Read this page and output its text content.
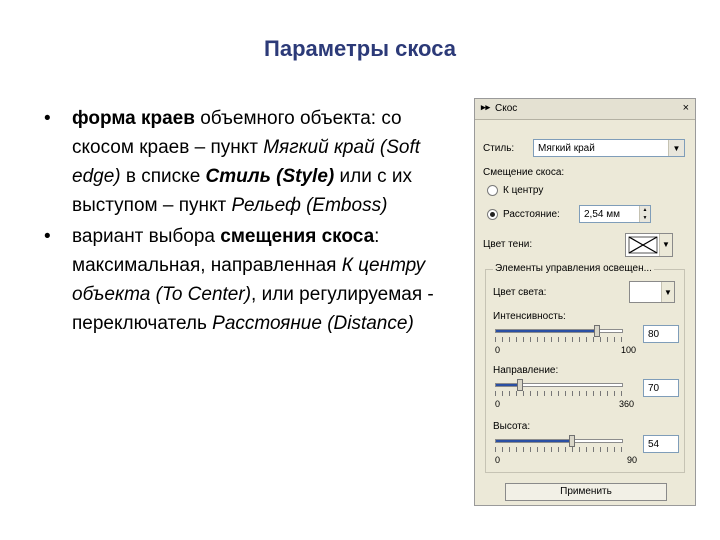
Параметры скоса
• форма краев объемного объекта: со скосом краев – пункт Мягкий край (Soft edge) в списке Стиль (Style) или с их выступом – пункт Рельеф (Emboss)
• вариант выбора смещения скоса: максимальная, направленная К центру объекта (To Center), или регулируемая - переключатель Расстояние (Distance)
▸▸ Скос	×
Стиль: Мягкий край	▼
Смещение скоса:
К центру
Расстояние: 2,54 мм	▲
▼
Цвет тени:	▼
Элементы управления освещен...
Цвет света:	▼
Интенсивность:
0	100
80
Направление:
0	360
70
Высота:
0	90
54
Применить
